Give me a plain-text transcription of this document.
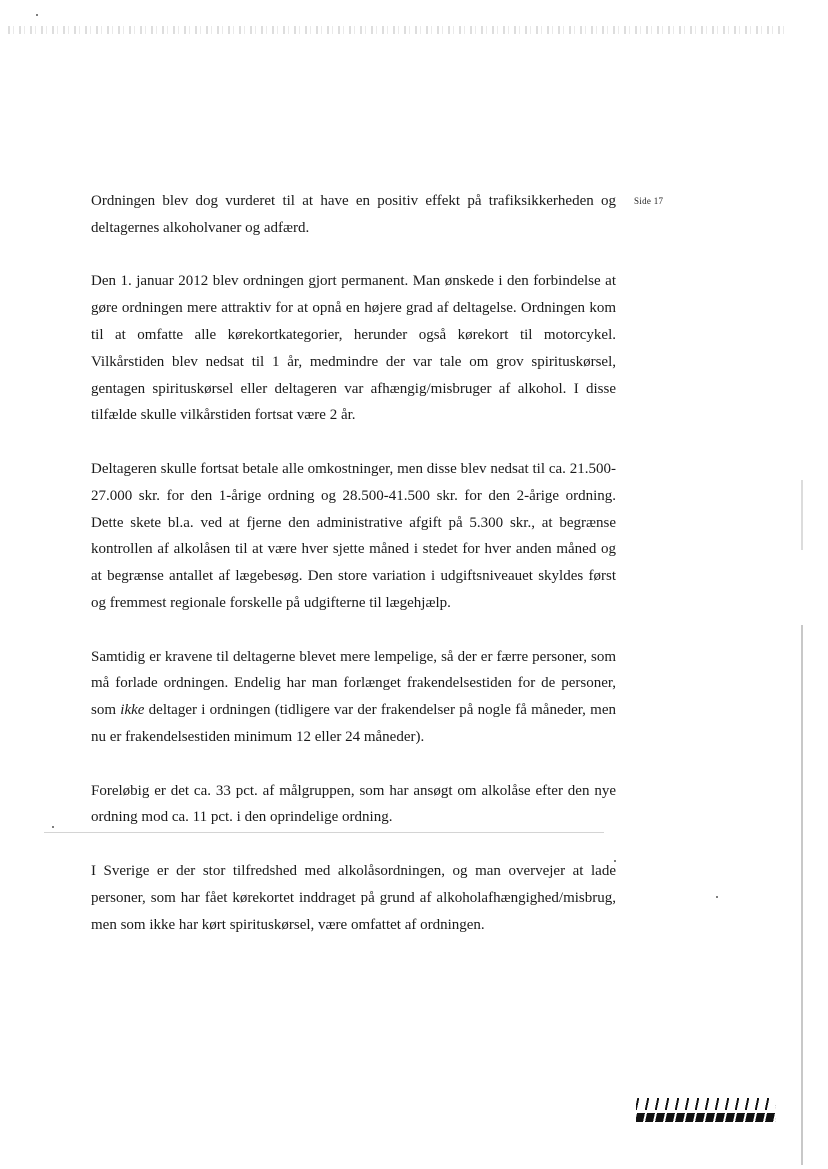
Side 17

Ordningen blev dog vurderet til at have en positiv effekt på trafiksikkerheden og deltagernes alkoholvaner og adfærd.

Den 1. januar 2012 blev ordningen gjort permanent. Man ønskede i den forbindelse at gøre ordningen mere attraktiv for at opnå en højere grad af deltagelse. Ordningen kom til at omfatte alle kørekortkategorier, herunder også kørekort til motorcykel. Vilkårstiden blev nedsat til 1 år, medmindre der var tale om grov spirituskørsel, gentagen spirituskørsel eller deltageren var afhængig/misbruger af alkohol. I disse tilfælde skulle vilkårstiden fortsat være 2 år.

Deltageren skulle fortsat betale alle omkostninger, men disse blev nedsat til ca. 21.500-27.000 skr. for den 1-årige ordning og 28.500-41.500 skr. for den 2-årige ordning. Dette skete bl.a. ved at fjerne den administrative afgift på 5.300 skr., at begrænse kontrollen af alkolåsen til at være hver sjette måned i stedet for hver anden måned og at begrænse antallet af lægebesøg. Den store variation i udgiftsniveauet skyldes først og fremmest regionale forskelle på udgifterne til lægehjælp.

Samtidig er kravene til deltagerne blevet mere lempelige, så der er færre personer, som må forlade ordningen. Endelig har man forlænget frakendelsestiden for de personer, som ikke deltager i ordningen (tidligere var der frakendelser på nogle få måneder, men nu er frakendelsestiden minimum 12 eller 24 måneder).

Foreløbig er det ca. 33 pct. af målgruppen, som har ansøgt om alkolåse efter den nye ordning mod ca. 11 pct. i den oprindelige ordning.

I Sverige er der stor tilfredshed med alkolåsordningen, og man overvejer at lade personer, som har fået kørekortet inddraget på grund af alkoholafhængighed/misbrug, men som ikke har kørt spirituskørsel, være omfattet af ordningen.
